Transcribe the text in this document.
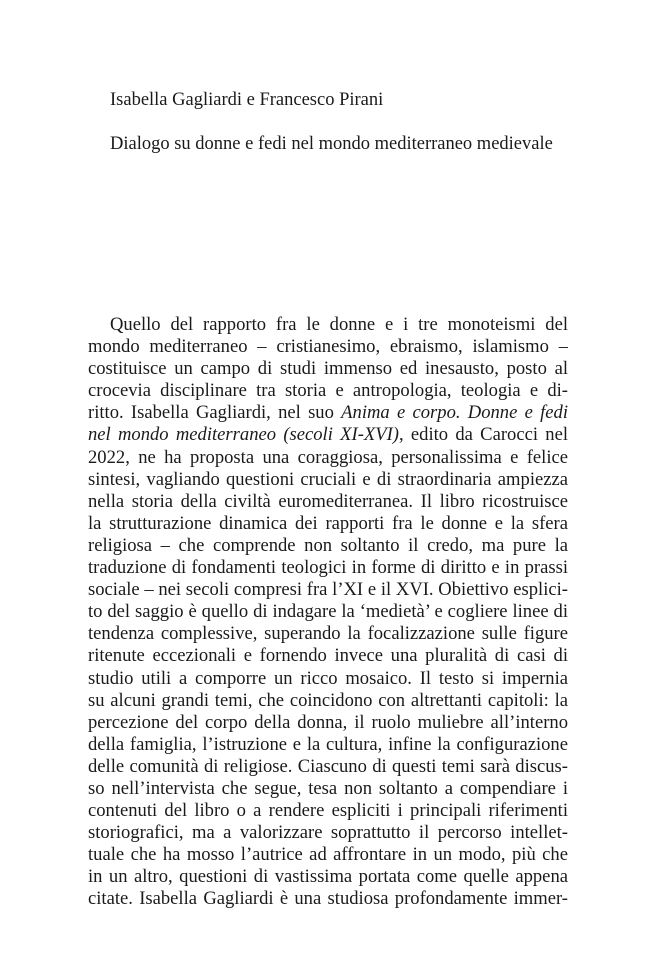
Isabella Gagliardi e Francesco Pirani
Dialogo su donne e fedi nel mondo mediterraneo medievale
Quello del rapporto fra le donne e i tre monoteismi del
mondo mediterraneo – cristianesimo, ebraismo, islamismo –
costituisce un campo di studi immenso ed inesausto, posto al
crocevia disciplinare tra storia e antropologia, teologia e di-
ritto. Isabella Gagliardi, nel suo Anima e corpo. Donne e fedi
nel mondo mediterraneo (secoli XI-XVI), edito da Carocci nel
2022, ne ha proposta una coraggiosa, personalissima e felice
sintesi, vagliando questioni cruciali e di straordinaria ampiezza
nella storia della civiltà euromediterranea. Il libro ricostruisce
la strutturazione dinamica dei rapporti fra le donne e la sfera
religiosa – che comprende non soltanto il credo, ma pure la
traduzione di fondamenti teologici in forme di diritto e in prassi
sociale – nei secoli compresi fra l’XI e il XVI. Obiettivo esplici-
to del saggio è quello di indagare la ‘medietà’ e cogliere linee di
tendenza complessive, superando la focalizzazione sulle figure
ritenute eccezionali e fornendo invece una pluralità di casi di
studio utili a comporre un ricco mosaico. Il testo si impernia
su alcuni grandi temi, che coincidono con altrettanti capitoli: la
percezione del corpo della donna, il ruolo muliebre all’interno
della famiglia, l’istruzione e la cultura, infine la configurazione
delle comunità di religiose. Ciascuno di questi temi sarà discus-
so nell’intervista che segue, tesa non soltanto a compendiare i
contenuti del libro o a rendere espliciti i principali riferimenti
storiografici, ma a valorizzare soprattutto il percorso intellet-
tuale che ha mosso l’autrice ad affrontare in un modo, più che
in un altro, questioni di vastissima portata come quelle appena
citate. Isabella Gagliardi è una studiosa profondamente immer-
